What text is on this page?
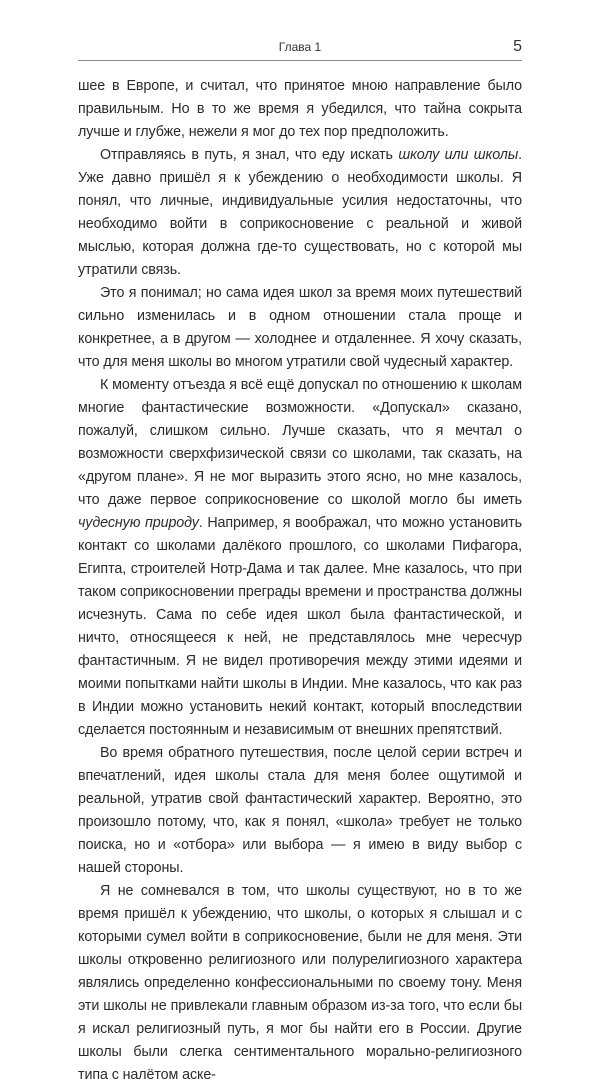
Глава 1	5

шее в Европе, и считал, что принятое мною направление было правильным. Но в то же время я убедился, что тайна сокрыта лучше и глубже, нежели я мог до тех пор предположить.

Отправляясь в путь, я знал, что еду искать школу или школы. Уже давно пришёл я к убеждению о необходимости школы. Я понял, что личные, индивидуальные усилия недостаточны, что необходимо войти в соприкосновение с реальной и живой мыслью, которая должна где-то существовать, но с которой мы утратили связь.

Это я понимал; но сама идея школ за время моих путешествий сильно изменилась и в одном отношении стала проще и конкретнее, а в другом — холоднее и отдаленнее. Я хочу сказать, что для меня школы во многом утратили свой чудесный характер.

К моменту отъезда я всё ещё допускал по отношению к школам многие фантастические возможности. «Допускал» сказано, пожалуй, слишком сильно. Лучше сказать, что я мечтал о возможности сверхфизической связи со школами, так сказать, на «другом плане». Я не мог выразить этого ясно, но мне казалось, что даже первое соприкосновение со школой могло бы иметь чудесную природу. Например, я воображал, что можно установить контакт со школами далёкого прошлого, со школами Пифагора, Египта, строителей Нотр-Дама и так далее. Мне казалось, что при таком соприкосновении преграды времени и пространства должны исчезнуть. Сама по себе идея школ была фантастической, и ничто, относящееся к ней, не представлялось мне чересчур фантастичным. Я не видел противоречия между этими идеями и моими попытками найти школы в Индии. Мне казалось, что как раз в Индии можно установить некий контакт, который впоследствии сделается постоянным и независимым от внешних препятствий.

Во время обратного путешествия, после целой серии встреч и впечатлений, идея школы стала для меня более ощутимой и реальной, утратив свой фантастический характер. Вероятно, это произошло потому, что, как я понял, «школа» требует не только поиска, но и «отбора» или выбора — я имею в виду выбор с нашей стороны.

Я не сомневался в том, что школы существуют, но в то же время пришёл к убеждению, что школы, о которых я слышал и с которыми сумел войти в соприкосновение, были не для меня. Эти школы откровенно религиозного или полурелигиозного характера являлись определенно конфессиональными по своему тону. Меня эти школы не привлекали главным образом из-за того, что если бы я искал религиозный путь, я мог бы найти его в России. Другие школы были слегка сентиментального морально-религиозного типа с налётом аске-
